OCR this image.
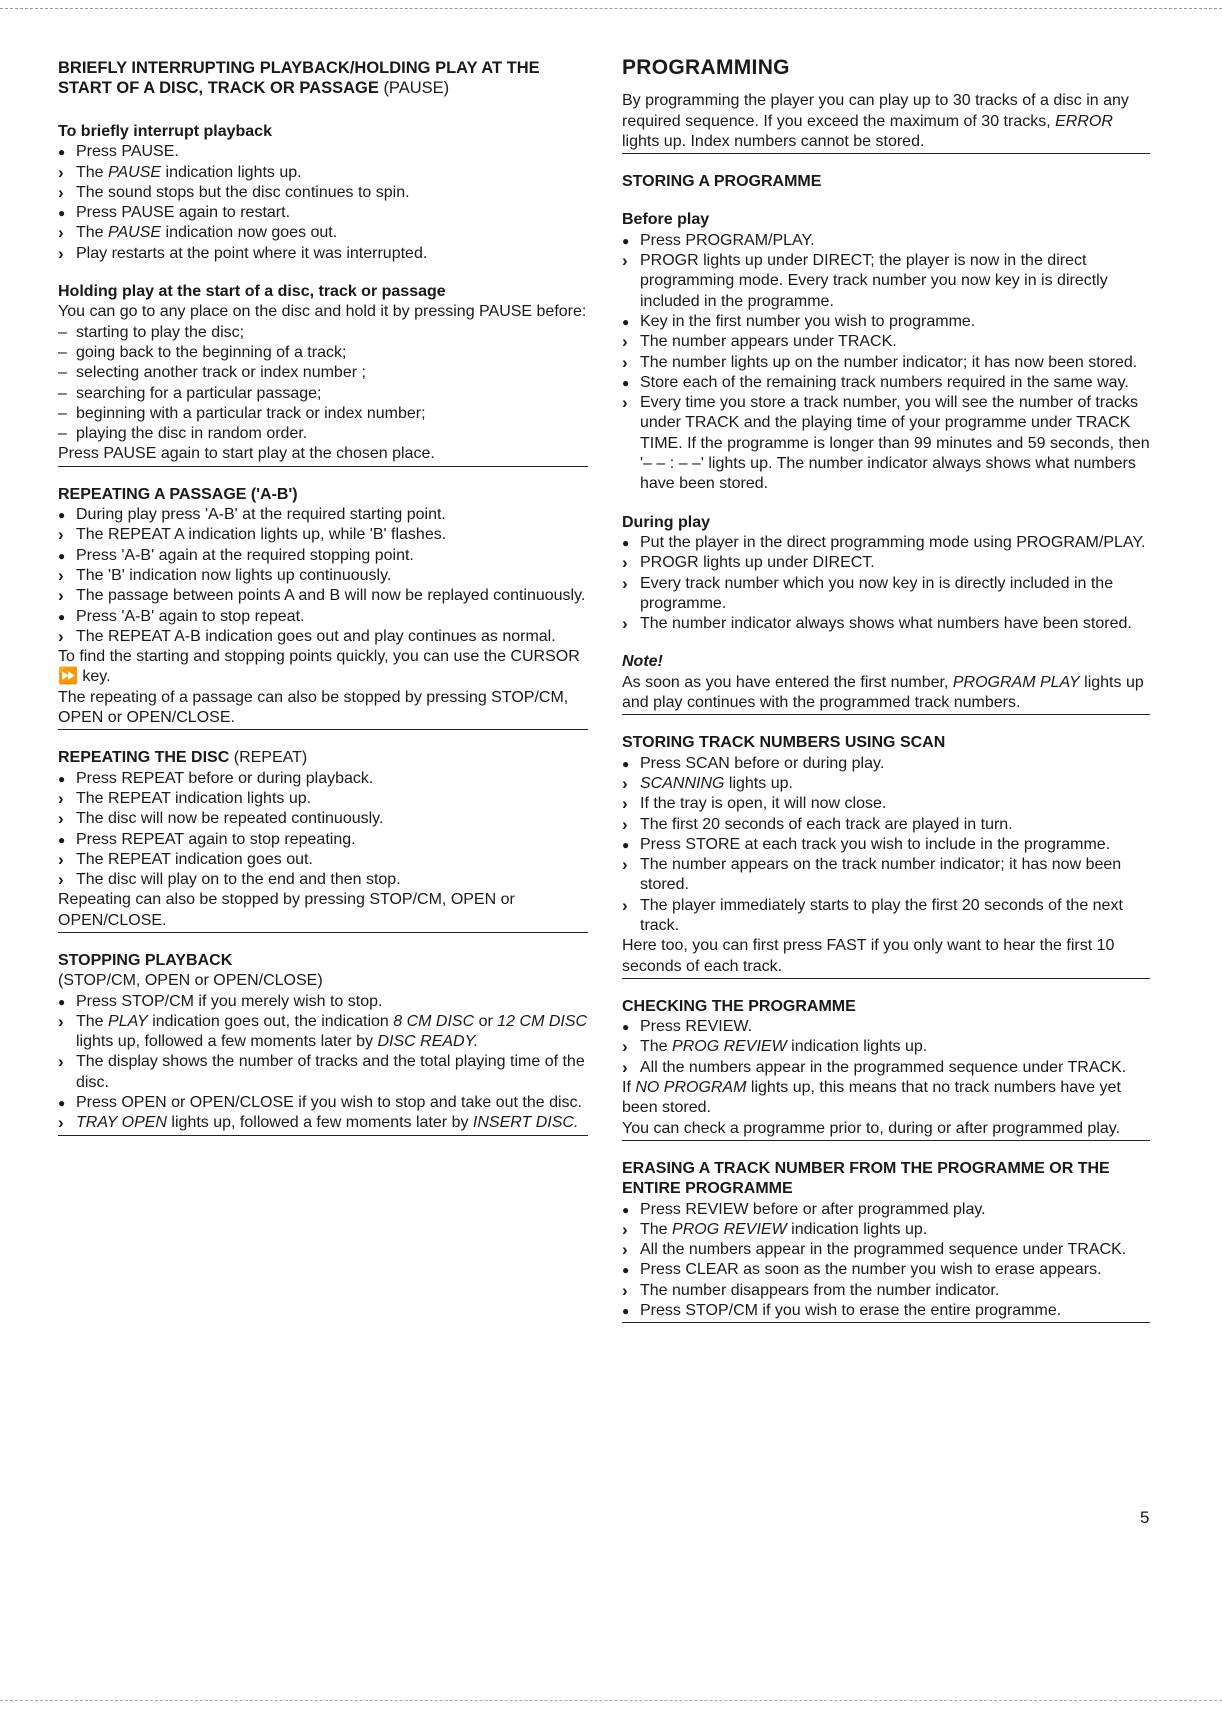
BRIEFLY INTERRUPTING PLAYBACK/HOLDING PLAY AT THE START OF A DISC, TRACK OR PASSAGE (PAUSE)
To briefly interrupt playback
●
Press PAUSE.
›
The PAUSE indication lights up.
›
The sound stops but the disc continues to spin.
●
Press PAUSE again to restart.
›
The PAUSE indication now goes out.
›
Play restarts at the point where it was interrupted.
Holding play at the start of a disc, track or passage
You can go to any place on the disc and hold it by pressing PAUSE before:
–
starting to play the disc;
–
going back to the beginning of a track;
–
selecting another track or index number ;
–
searching for a particular passage;
–
beginning with a particular track or index number;
–
playing the disc in random order.
Press PAUSE again to start play at the chosen place.
REPEATING A PASSAGE ('A-B')
●
During play press 'A-B' at the required starting point.
›
The REPEAT A indication lights up, while 'B' flashes.
●
Press 'A-B' again at the required stopping point.
›
The 'B' indication now lights up continuously.
›
The passage between points A and B will now be replayed continuously.
●
Press 'A-B' again to stop repeat.
›
The REPEAT A-B indication goes out and play continues as normal.
To find the starting and stopping points quickly, you can use the CURSOR ⏩ key.
The repeating of a passage can also be stopped by pressing STOP/CM, OPEN or OPEN/CLOSE.
REPEATING THE DISC (REPEAT)
●
Press REPEAT before or during playback.
›
The REPEAT indication lights up.
›
The disc will now be repeated continuously.
●
Press REPEAT again to stop repeating.
›
The REPEAT indication goes out.
›
The disc will play on to the end and then stop.
Repeating can also be stopped by pressing STOP/CM, OPEN or OPEN/CLOSE.
STOPPING PLAYBACK
(STOP/CM, OPEN or OPEN/CLOSE)
●
Press STOP/CM if you merely wish to stop.
›
The PLAY indication goes out, the indication 8 CM DISC or 12 CM DISC lights up, followed a few moments later by DISC READY.
›
The display shows the number of tracks and the total playing time of the disc.
●
Press OPEN or OPEN/CLOSE if you wish to stop and take out the disc.
›
TRAY OPEN lights up, followed a few moments later by INSERT DISC.
PROGRAMMING
By programming the player you can play up to 30 tracks of a disc in any required sequence. If you exceed the maximum of 30 tracks, ERROR lights up. Index numbers cannot be stored.
STORING A PROGRAMME
Before play
●
Press PROGRAM/PLAY.
›
PROGR lights up under DIRECT; the player is now in the direct programming mode. Every track number you now key in is directly included in the programme.
●
Key in the first number you wish to programme.
›
The number appears under TRACK.
›
The number lights up on the number indicator; it has now been stored.
●
Store each of the remaining track numbers required in the same way.
›
Every time you store a track number, you will see the number of tracks under TRACK and the playing time of your programme under TRACK TIME. If the programme is longer than 99 minutes and 59 seconds, then '– – : – –' lights up. The number indicator always shows what numbers have been stored.
During play
●
Put the player in the direct programming mode using PROGRAM/PLAY.
›
PROGR lights up under DIRECT.
›
Every track number which you now key in is directly included in the programme.
›
The number indicator always shows what numbers have been stored.
Note!
As soon as you have entered the first number, PROGRAM PLAY lights up and play continues with the programmed track numbers.
STORING TRACK NUMBERS USING SCAN
●
Press SCAN before or during play.
›
SCANNING lights up.
›
If the tray is open, it will now close.
›
The first 20 seconds of each track are played in turn.
●
Press STORE at each track you wish to include in the programme.
›
The number appears on the track number indicator; it has now been stored.
›
The player immediately starts to play the first 20 seconds of the next track.
Here too, you can first press FAST if you only want to hear the first 10 seconds of each track.
CHECKING THE PROGRAMME
●
Press REVIEW.
›
The PROG REVIEW indication lights up.
›
All the numbers appear in the programmed sequence under TRACK.
If NO PROGRAM lights up, this means that no track numbers have yet been stored.
You can check a programme prior to, during or after programmed play.
ERASING A TRACK NUMBER FROM THE PROGRAMME OR THE ENTIRE PROGRAMME
●
Press REVIEW before or after programmed play.
›
The PROG REVIEW indication lights up.
›
All the numbers appear in the programmed sequence under TRACK.
●
Press CLEAR as soon as the number you wish to erase appears.
›
The number disappears from the number indicator.
●
Press STOP/CM if you wish to erase the entire programme.
5
